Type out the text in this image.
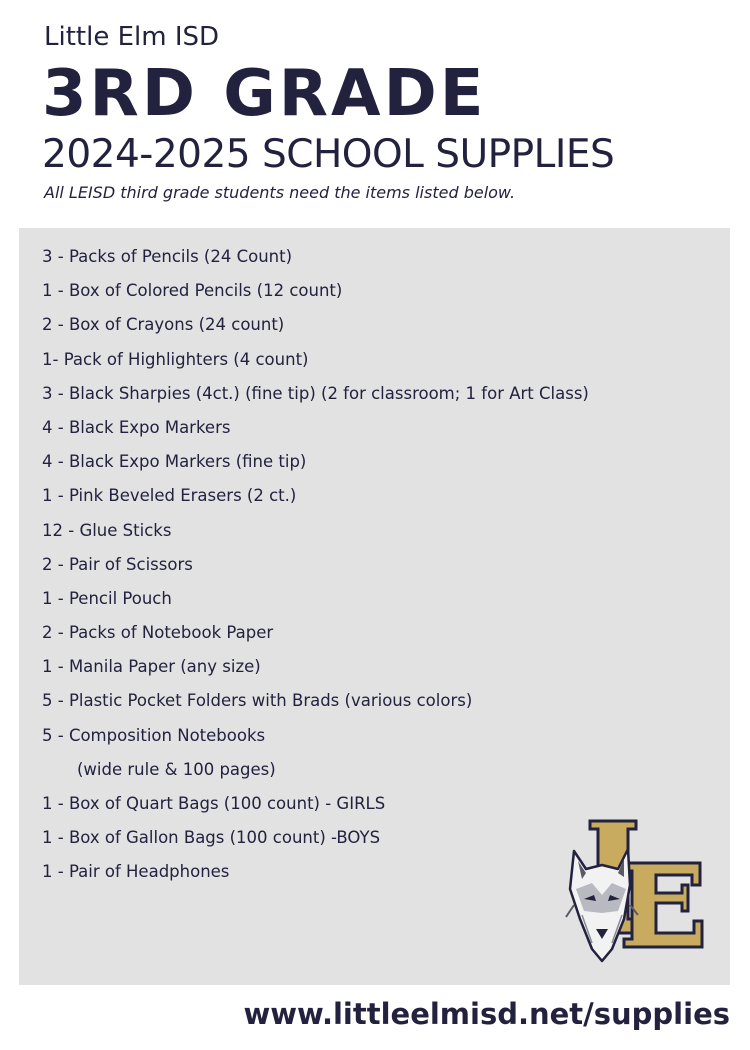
Little Elm ISD
3RD GRADE
2024-2025 SCHOOL SUPPLIES
All LEISD third grade students need the items listed below.
3 - Packs of Pencils (24 Count)
1 - Box of Colored Pencils (12 count)
2 - Box of Crayons (24 count)
1- Pack of Highlighters (4 count)
3 - Black Sharpies (4ct.) (fine tip) (2 for classroom; 1 for Art Class)
4 - Black Expo Markers
4 - Black Expo Markers (fine tip)
1 - Pink Beveled Erasers (2 ct.)
12 - Glue Sticks
2 - Pair of Scissors
1 - Pencil Pouch
2 - Packs of Notebook Paper
1 - Manila Paper (any size)
5 - Plastic Pocket Folders with Brads (various colors)
5 - Composition Notebooks
(wide rule & 100 pages)
1 - Box of Quart Bags (100 count) - GIRLS
1 - Box of Gallon Bags (100 count) -BOYS
1 - Pair of Headphones
www.littleelmisd.net/supplies
